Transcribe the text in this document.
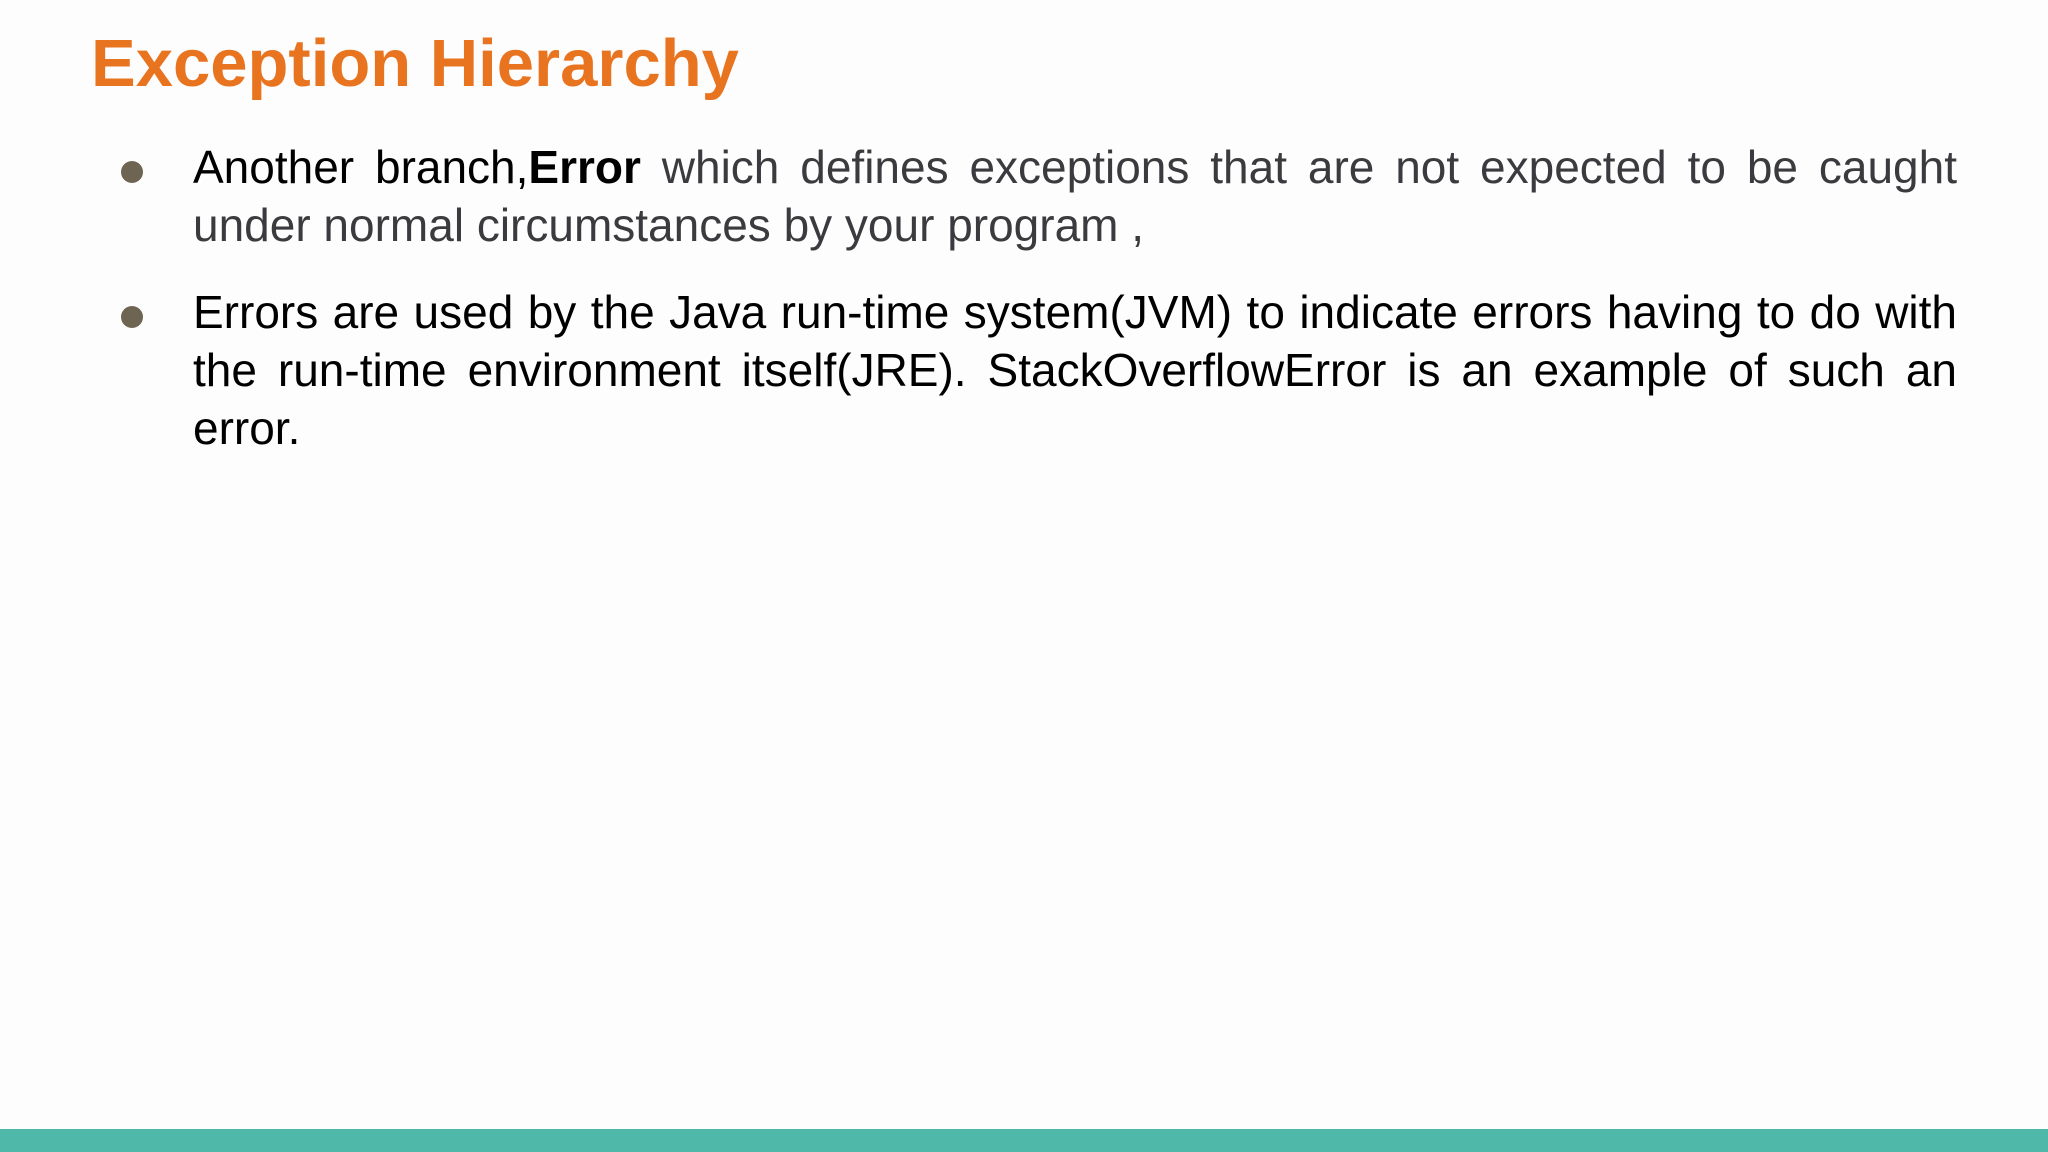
Exception Hierarchy

Another branch,Error which defines exceptions that are not expected to be caught under normal circumstances by your program ,

Errors are used by the Java run-time system(JVM) to indicate errors having to do with the run-time environment itself(JRE). StackOverflowError is an example of such an error.
